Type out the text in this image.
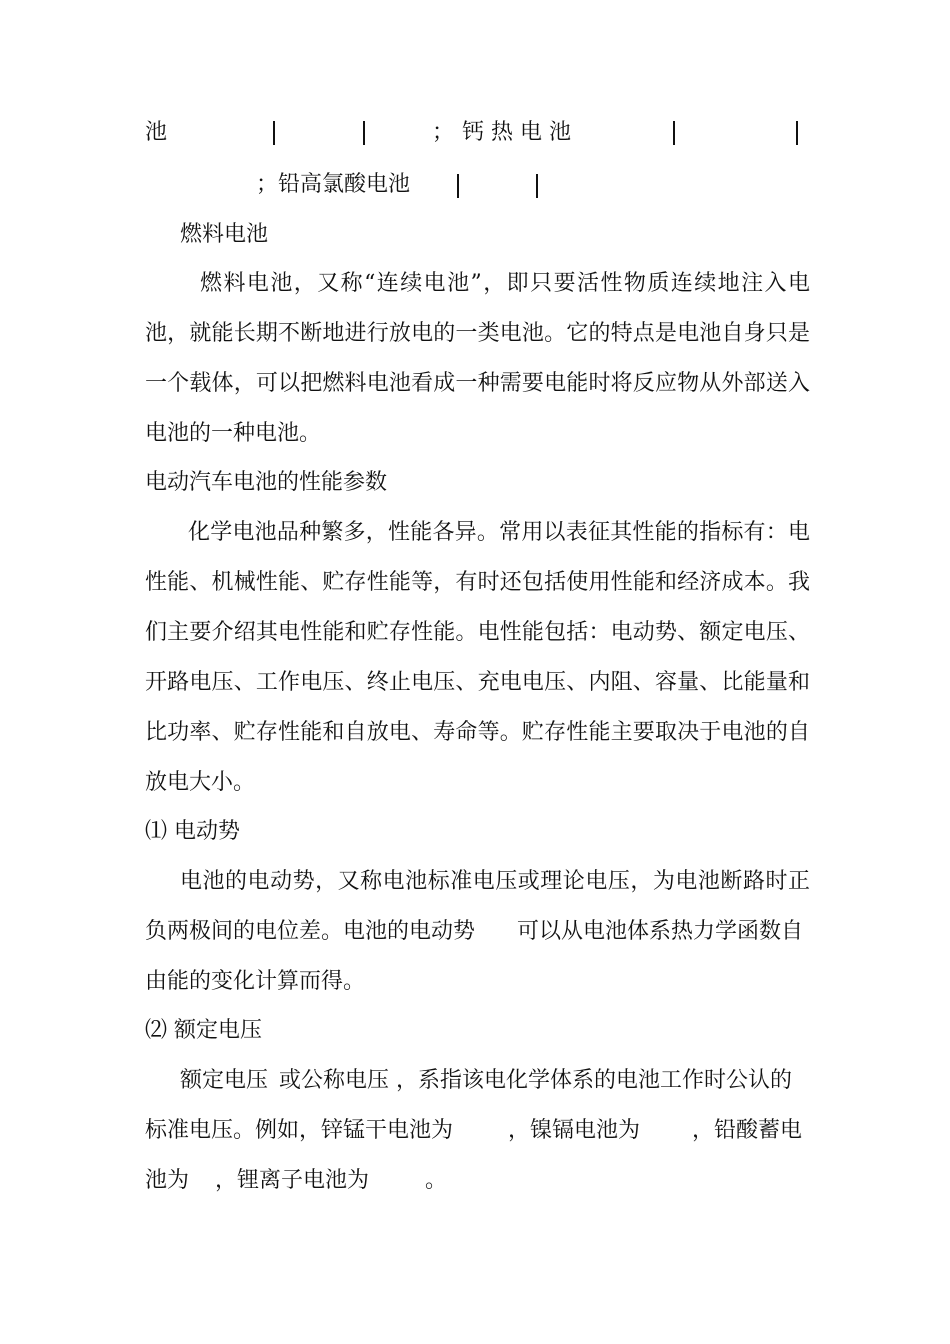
池	； 钙热电池
；铅高氯酸电池
燃料电池
燃料电池，又称“连续电池”，即只要活性物质连续地注入电
池，就能长期不断地进行放电的一类电池。它的特点是电池自身只是
一个载体，可以把燃料电池看成一种需要电能时将反应物从外部送入
电池的一种电池。
电动汽车电池的性能参数
化学电池品种繁多，性能各异。常用以表征其性能的指标有：电
性能、机械性能、贮存性能等，有时还包括使用性能和经济成本。我
们主要介绍其电性能和贮存性能。电性能包括：电动势、额定电压、
开路电压、工作电压、终止电压、充电电压、内阻、容量、比能量和
比功率、贮存性能和自放电、寿命等。贮存性能主要取决于电池的自
放电大小。
⑴ 电动势
电池的电动势，又称电池标准电压或理论电压，为电池断路时正
负两极间的电位差。电池的电动势 可以从电池体系热力学函数自
由能的变化计算而得。
⑵ 额定电压
额定电压 或公称电压 ，系指该电化学体系的电池工作时公认的
标准电压。例如，锌锰干电池为 ，镍镉电池为 ，铅酸蓄电
池为 ，锂离子电池为	。
